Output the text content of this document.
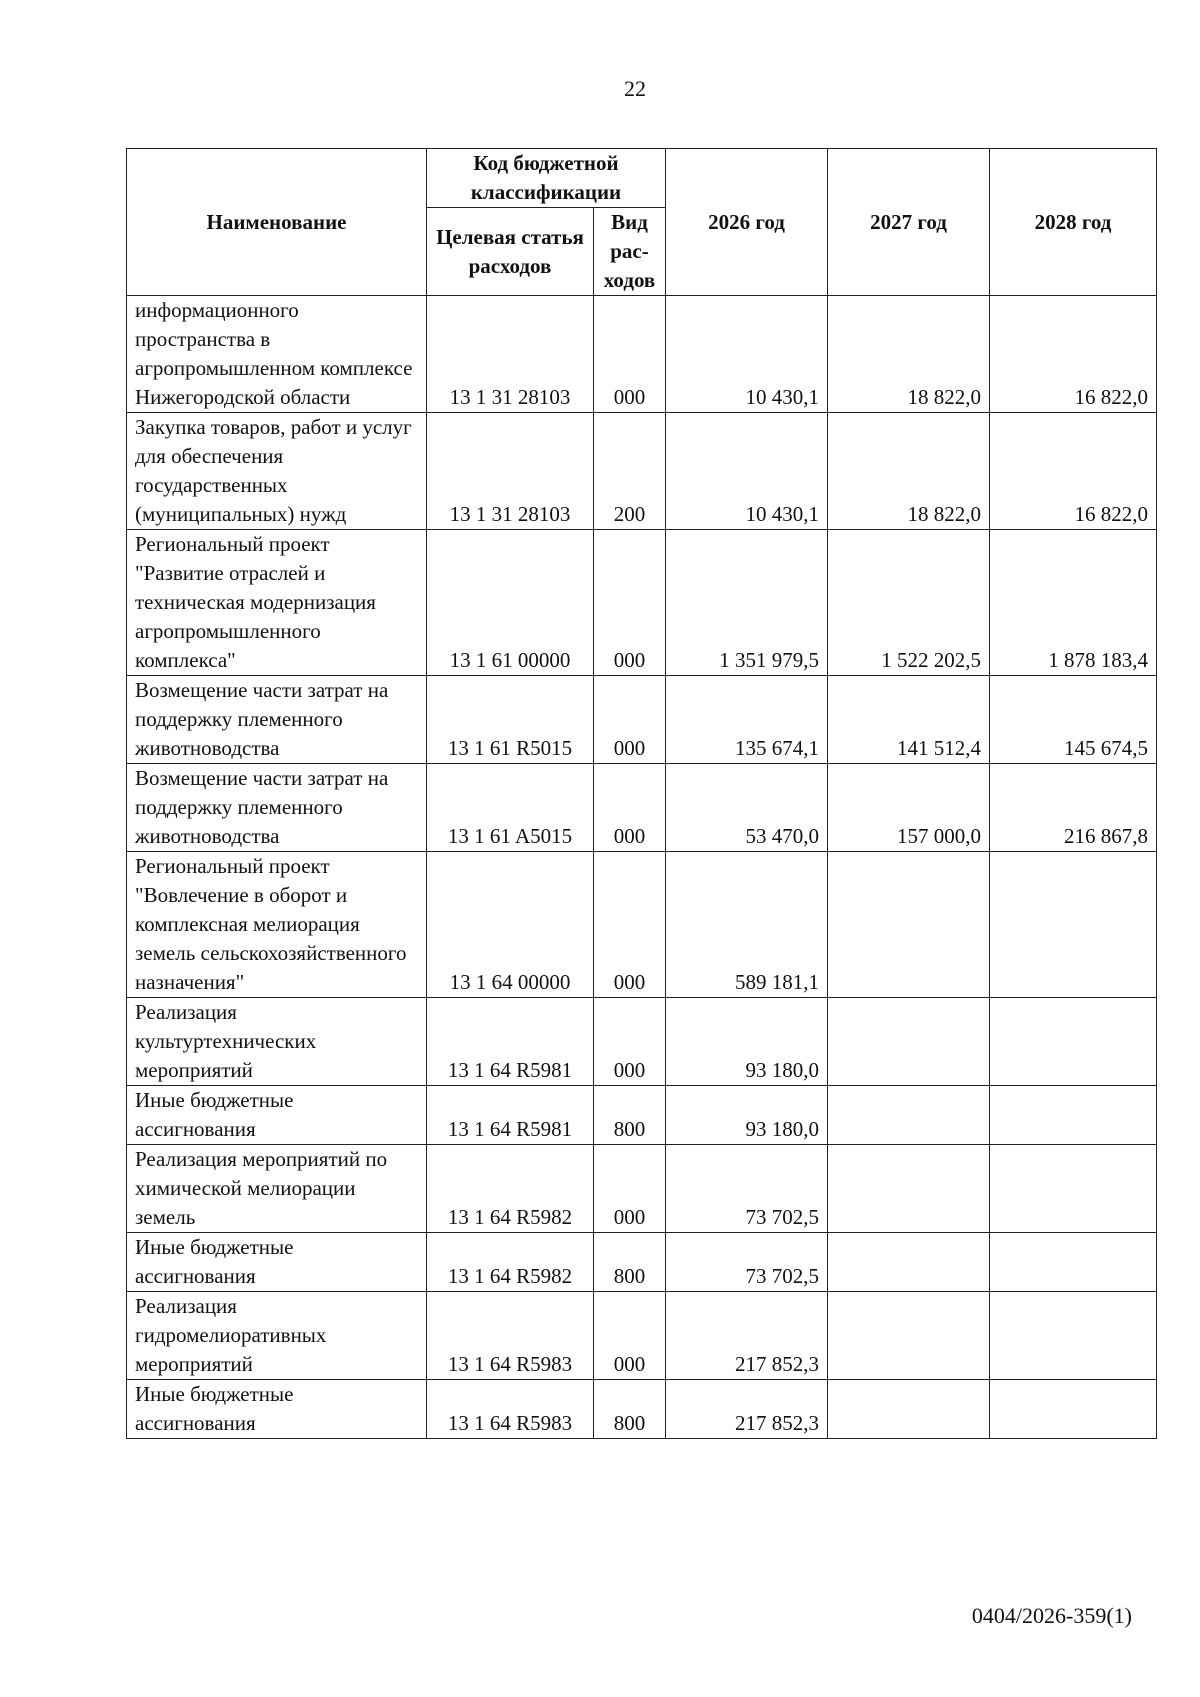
22
Наименование	Код бюджетной классификации		2026 год	2027 год	2028 год
	Целевая статья расходов	Вид рас-ходов			
информационного пространства в агропромышленном комплексе Нижегородской области	13 1 31 28103	000	10 430,1	18 822,0	16 822,0
Закупка товаров, работ и услуг для обеспечения государственных (муниципальных) нужд	13 1 31 28103	200	10 430,1	18 822,0	16 822,0
Региональный проект "Развитие отраслей и техническая модернизация агропромышленного комплекса"	13 1 61 00000	000	1 351 979,5	1 522 202,5	1 878 183,4
Возмещение части затрат на поддержку племенного животноводства	13 1 61 R5015	000	135 674,1	141 512,4	145 674,5
Возмещение части затрат на поддержку племенного животноводства	13 1 61 A5015	000	53 470,0	157 000,0	216 867,8
Региональный проект "Вовлечение в оборот и комплексная мелиорация земель сельскохозяйственного назначения"	13 1 64 00000	000	589 181,1		
Реализация культуртехнических мероприятий	13 1 64 R5981	000	93 180,0		
Иные бюджетные ассигнования	13 1 64 R5981	800	93 180,0		
Реализация мероприятий по химической мелиорации земель	13 1 64 R5982	000	73 702,5		
Иные бюджетные ассигнования	13 1 64 R5982	800	73 702,5		
Реализация гидромелиоративных мероприятий	13 1 64 R5983	000	217 852,3		
Иные бюджетные ассигнования	13 1 64 R5983	800	217 852,3		
0404/2026-359(1)
